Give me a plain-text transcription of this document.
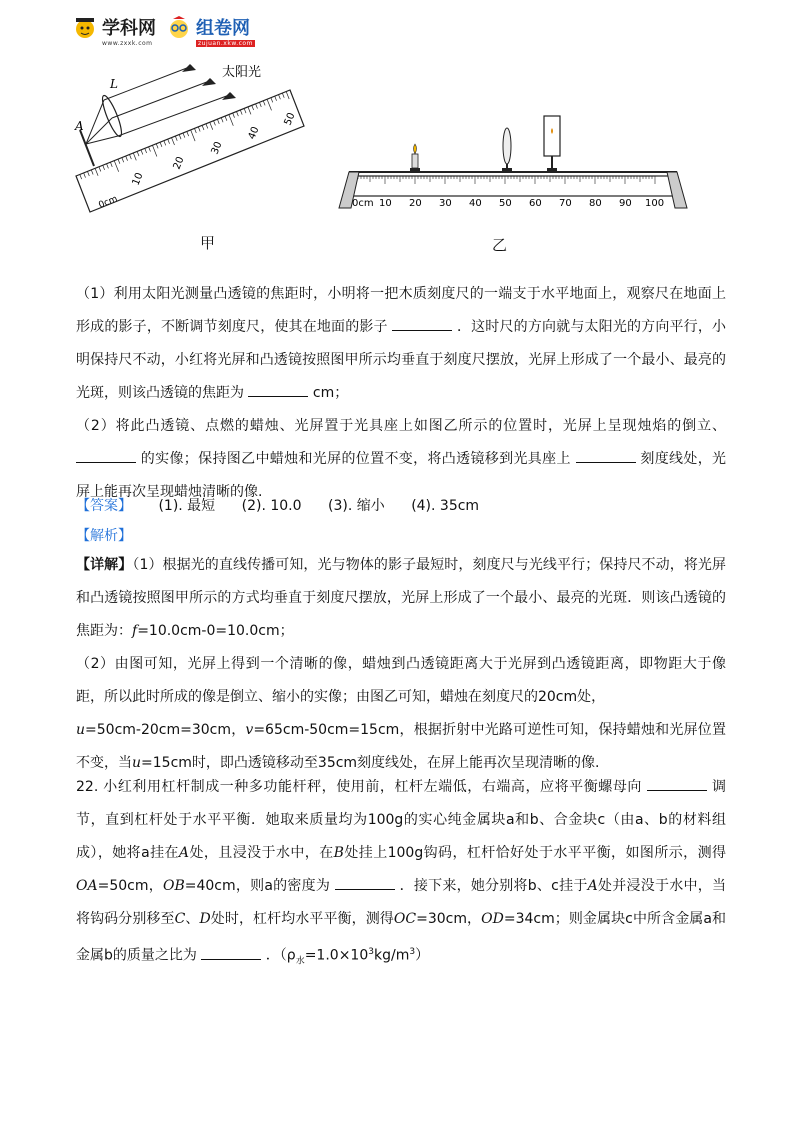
学科网
www.zxxk.com
组卷网
zujuan.xkw.com
太阳光
0cm
10
20
30
40
50
L
A
甲
0cm 10 20 30 40 50 60 70 80 90 100
乙
（1）利用太阳光测量凸透镜的焦距时，小明将一把木质刻度尺的一端支于水平地面上，观察尺在地面上形成的影子，不断调节刻度尺，使其在地面的影子	．这时尺的方向就与太阳光的方向平行，小明保持尺不动，小红将光屏和凸透镜按照图甲所示均垂直于刻度尺摆放，光屏上形成了一个最小、最亮的光斑，则该凸透镜的焦距为	cm；
（2）将此凸透镜、点燃的蜡烛、光屏置于光具座上如图乙所示的位置时，光屏上呈现烛焰的倒立、  的实像；保持图乙中蜡烛和光屏的位置不变，将凸透镜移到光具座上	刻度线处，光屏上能再次呈现蜡烛清晰的像.
【答案】 (1). 最短 (2). 10.0 (3). 缩小 (4). 35cm
【解析】
【详解】（1）根据光的直线传播可知，光与物体的影子最短时，刻度尺与光线平行；保持尺不动，将光屏和凸透镜按照图甲所示的方式均垂直于刻度尺摆放，光屏上形成了一个最小、最亮的光斑．则该凸透镜的焦距为：f=10.0cm-0=10.0cm；
（2）由图可知，光屏上得到一个清晰的像，蜡烛到凸透镜距离大于光屏到凸透镜距离，即物距大于像距，所以此时所成的像是倒立、缩小的实像；由图乙可知，蜡烛在刻度尺的20cm处，
u=50cm-20cm=30cm，v=65cm-50cm=15cm，根据折射中光路可逆性可知，保持蜡烛和光屏位置不变，当u=15cm时，即凸透镜移动至35cm刻度线处，在屏上能再次呈现清晰的像.
22. 小红利用杠杆制成一种多功能杆秤，使用前，杠杆左端低，右端高，应将平衡螺母向	调节，直到杠杆处于水平平衡．她取来质量均为100g的实心纯金属块a和b、合金块c（由a、b的材料组成），她将a挂在A处，且浸没于水中，在B处挂上100g钩码，杠杆恰好处于水平平衡，如图所示，测得 OA=50cm，OB=40cm，则a的密度为	．接下来，她分别将b、c挂于A处并浸没于水中，当将钩码分别移至C、D处时，杠杆均水平平衡，测得OC=30cm，OD=34cm；则金属块c中所含金属a和金属b的质量之比为	．$(\rho_水=1.0\times 10^3kg/m^3)$
